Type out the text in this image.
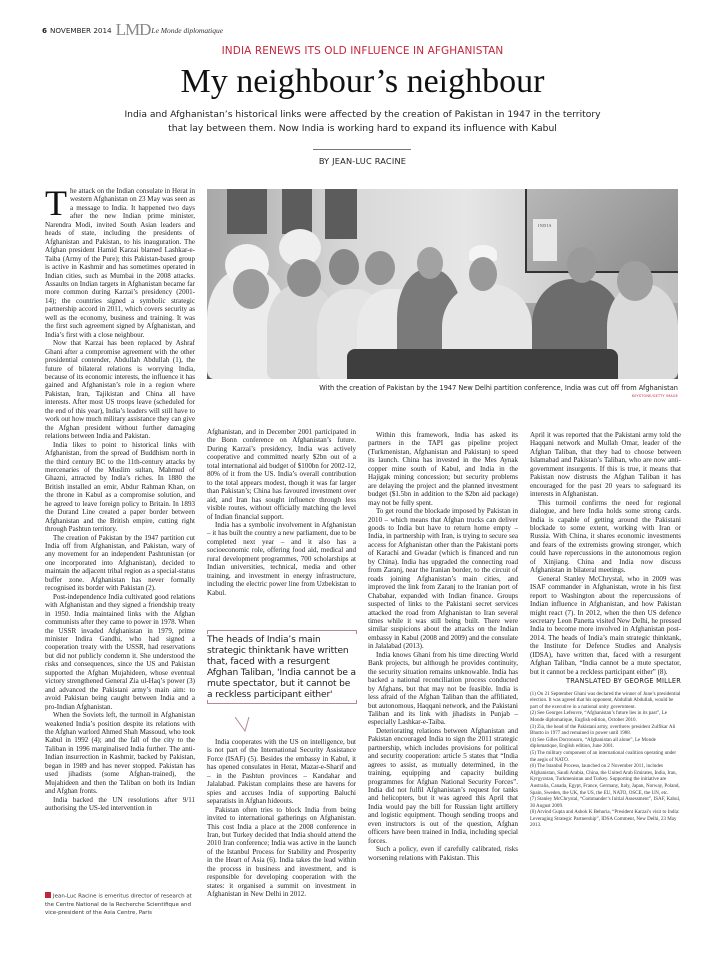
6 NOVEMBER 2014 LMD Le Monde diplomatique
INDIA RENEWS ITS OLD INFLUENCE IN AFGHANISTAN
My neighbour’s neighbour
India and Afghanistan’s historical links were affected by the creation of Pakistan in 1947 in the territory that lay between them. Now India is working hard to expand its influence with Kabul
BY JEAN-LUC RACINE
INDIA
With the creation of Pakistan by the 1947 New Delhi partition conference, India was cut off from Afghanistan
KEYSTONE/GETTY IMAGE

The attack on the Indian consulate in Herat in western Afghanistan on 23 May was seen as a message to India. It happened two days after the new Indian prime minister, Narendra Modi, invited South Asian leaders and heads of state, including the presidents of Afghanistan and Pakistan, to his inauguration. The Afghan president Hamid Karzai blamed Lashkar-e-Taiba (Army of the Pure); this Pakistan-based group is active in Kashmir and has sometimes operated in Indian cities, such as Mumbai in the 2008 attacks. Assaults on Indian targets in Afghanistan became far more common during Karzai’s presidency (2001-14); the countries signed a symbolic strategic partnership accord in 2011, which covers security as well as the economy, business and training. It was the first such agreement signed by Afghanistan, and India’s first with a close neighbour.

Now that Karzai has been replaced by Ashraf Ghani after a compromise agreement with the other presidential contender, Abdullah Abdullah (1), the future of bilateral relations is worrying India, because of its economic interests, the influence it has gained and Afghanistan’s role in a region where Pakistan, Iran, Tajikistan and China all have interests. After most US troops leave (scheduled for the end of this year), India’s leaders will still have to work out how much military assistance they can give the Afghan president without further damaging relations between India and Pakistan.

India likes to point to historical links with Afghanistan, from the spread of Buddhism north in the third century BC to the 11th-century attacks by mercenaries of the Muslim sultan, Mahmud of Ghazni, attracted by India’s riches. In 1880 the British installed an emir, Abdur Rahman Khan, on the throne in Kabul as a compromise solution, and he agreed to leave foreign policy to Britain. In 1893 the Durand Line created a paper border between Afghanistan and the British empire, cutting right through Pashtun territory.

The creation of Pakistan by the 1947 partition cut India off from Afghanistan, and Pakistan, wary of any movement for an independent Pashtunistan (or one incorporated into Afghanistan), decided to maintain the adjacent tribal region as a special-status buffer zone. Afghanistan has never formally recognised its border with Pakistan (2).

Post-independence India cultivated good relations with Afghanistan and they signed a friendship treaty in 1950. India maintained links with the Afghan communists after they came to power in 1978. When the USSR invaded Afghanistan in 1979, prime minister Indira Gandhi, who had signed a cooperation treaty with the USSR, had reservations but did not publicly condemn it. She understood the risks and consequences, since the US and Pakistan supported the Afghan Mujahideen, whose eventual victory strengthened General Zia ul-Haq’s power (3) and advanced the Pakistani army’s main aim: to avoid Pakistan being caught between India and a pro-Indian Afghanistan.

When the Soviets left, the turmoil in Afghanistan weakened India’s position despite its relations with the Afghan warlord Ahmed Shah Massoud, who took Kabul in 1992 (4); and the fall of the city to the Taliban in 1996 marginalised India further. The anti-Indian insurrection in Kashmir, backed by Pakistan, began in 1989 and has never stopped. Pakistan has used jihadists (some Afghan-trained), the Mujahideen and then the Taliban on both its Indian and Afghan fronts.

India backed the UN resolutions after 9/11 authorising the US-led intervention in

Jean-Luc Racine is emeritus director of research at the Centre National de la Recherche Scientifique and vice-president of the Asia Centre, Paris

Afghanistan, and in December 2001 participated in the Bonn conference on Afghanistan’s future. During Karzai’s presidency, India was actively cooperative and committed nearly $2bn out of a total international aid budget of $100bn for 2002-12, 80% of it from the US. India’s overall contribution to the total appears modest, though it was far larger than Pakistan’s; China has favoured investment over aid, and Iran has sought influence through less visible routes, without officially matching the level of Indian financial support.

India has a symbolic involvement in Afghanistan – it has built the country a new parliament, due to be completed next year – and it also has a socioeconomic role, offering food aid, medical and rural development programmes, 700 scholarships at Indian universities, technical, media and other training, and investment in energy infrastructure, including the electric power line from Uzbekistan to Kabul.

The heads of India’s main strategic thinktank have written that, faced with a resurgent Afghan Taliban, 'India cannot be a mute spectator, but it cannot be a reckless participant either'

India cooperates with the US on intelligence, but is not part of the International Security Assistance Force (ISAF) (5). Besides the embassy in Kabul, it has opened consulates in Herat, Mazar-e-Sharif and – in the Pashtun provinces – Kandahar and Jalalabad. Pakistan complains these are havens for spies and accuses India of supporting Baluchi separatists in Afghan hideouts.

Pakistan often tries to block India from being invited to international gatherings on Afghanistan. This cost India a place at the 2008 conference in Iran, but Turkey decided that India should attend the 2010 Iran conference; India was active in the launch of the Istanbul Process for Stability and Prosperity in the Heart of Asia (6). India takes the lead within the process in business and investment, and is responsible for developing cooperation with the states: it organised a summit on investment in Afghanistan in New Delhi in 2012.

Within this framework, India has asked its partners in the TAPI gas pipeline project (Turkmenistan, Afghanistan and Pakistan) to speed its launch. China has invested in the Mes Aynak copper mine south of Kabul, and India in the Hajigak mining concession; but security problems are delaying the project and the planned investment budget ($1.5bn in addition to the $2bn aid package) may not be fully spent.

To get round the blockade imposed by Pakistan in 2010 – which means that Afghan trucks can deliver goods to India but have to return home empty – India, in partnership with Iran, is trying to secure sea access for Afghanistan other than the Pakistani ports of Karachi and Gwadar (which is financed and run by China). India has upgraded the connecting road from Zaranj, near the Iranian border, to the circuit of roads joining Afghanistan’s main cities, and improved the link from Zaranj to the Iranian port of Chabahar, expanded with Indian finance. Groups suspected of links to the Pakistani secret services attacked the road from Afghanistan to Iran several times while it was still being built. There were similar suspicions about the attacks on the Indian embassy in Kabul (2008 and 2009) and the consulate in Jalalabad (2013).

India knows Ghani from his time directing World Bank projects, but although he provides continuity, the security situation remains unknowable. India has backed a national reconciliation process conducted by Afghans, but that may not be feasible. India is less afraid of the Afghan Taliban than the affiliated, but autonomous, Haqqani network, and the Pakistani Taliban and its link with jihadists in Punjab – especially Lashkar-e-Taiba.

Deteriorating relations between Afghanistan and Pakistan encouraged India to sign the 2011 strategic partnership, which includes provisions for political and security cooperation: article 5 states that “India agrees to assist, as mutually determined, in the training, equipping and capacity building programmes for Afghan National Security Forces”. India did not fulfil Afghanistan’s request for tanks and helicopters, but it was agreed this April that India would pay the bill for Russian light artillery and logistic equipment. Though sending troops and even instructors is out of the question, Afghan officers have been trained in India, including special forces.

Such a policy, even if carefully calibrated, risks worsening relations with Pakistan. This

April it was reported that the Pakistani army told the Haqqani network and Mullah Omar, leader of the Afghan Taliban, that they had to choose between Islamabad and Pakistan’s Taliban, who are now anti-government insurgents. If this is true, it means that Pakistan now distrusts the Afghan Taliban it has encouraged for the past 20 years to safeguard its interests in Afghanistan.

This turmoil confirms the need for regional dialogue, and here India holds some strong cards. India is capable of getting around the Pakistani blockade to some extent, working with Iran or Russia. With China, it shares economic investments and fears of the extremists growing stronger, which could have repercussions in the autonomous region of Xinjiang. China and India now discuss Afghanistan in bilateral meetings.

General Stanley McChrystal, who in 2009 was ISAF commander in Afghanistan, wrote in his first report to Washington about the repercussions of Indian influence in Afghanistan, and how Pakistan might react (7). In 2012, when the then US defence secretary Leon Panetta visited New Delhi, he pressed India to become more involved in Afghanistan post-2014. The heads of India’s main strategic thinktank, the Institute for Defence Studies and Analysis (IDSA), have written that, faced with a resurgent Afghan Taliban, “India cannot be a mute spectator, but it cannot be a reckless participant either” (8).

TRANSLATED BY GEORGE MILLER

(1) On 21 September Ghani was declared the winner of June’s presidential election. It was agreed that his opponent, Abdullah Abdullah, would be part of the executive in a national unity government.

(2) See Georges Lefeuvre, “Afghanistan’s future lies in its past”, Le Monde diplomatique, English edition, October 2010.

(3) Zia, the head of the Pakistani army, overthrew president Zulfikar Ali Bhutto in 1977 and remained in power until 1988.

(4) See Gilles Dorronsoro, “Afghanistan all alone”, Le Monde diplomatique, English edition, June 2001.

(5) The military component of an international coalition operating under the aegis of NATO.

(6) The Istanbul Process, launched on 2 November 2011, includes Afghanistan, Saudi Arabia, China, the United Arab Emirates, India, Iran, Kyrgyzstan, Turkmenistan and Turkey. Supporting the initiative are Australia, Canada, Egypt, France, Germany, Italy, Japan, Norway, Poland, Spain, Sweden, the UK, the US, the EU, NATO, OSCE, the UN, etc.

(7) Stanley McChrystal, “Commander’s Initial Assessment”, ISAF, Kabul, 30 August 2009.

(8) Arvind Gupta and Ashok K Behuria, “President Karzai’s visit to India: Leveraging Strategic Partnership”, IDSA Comment, New Delhi, 23 May 2013.
